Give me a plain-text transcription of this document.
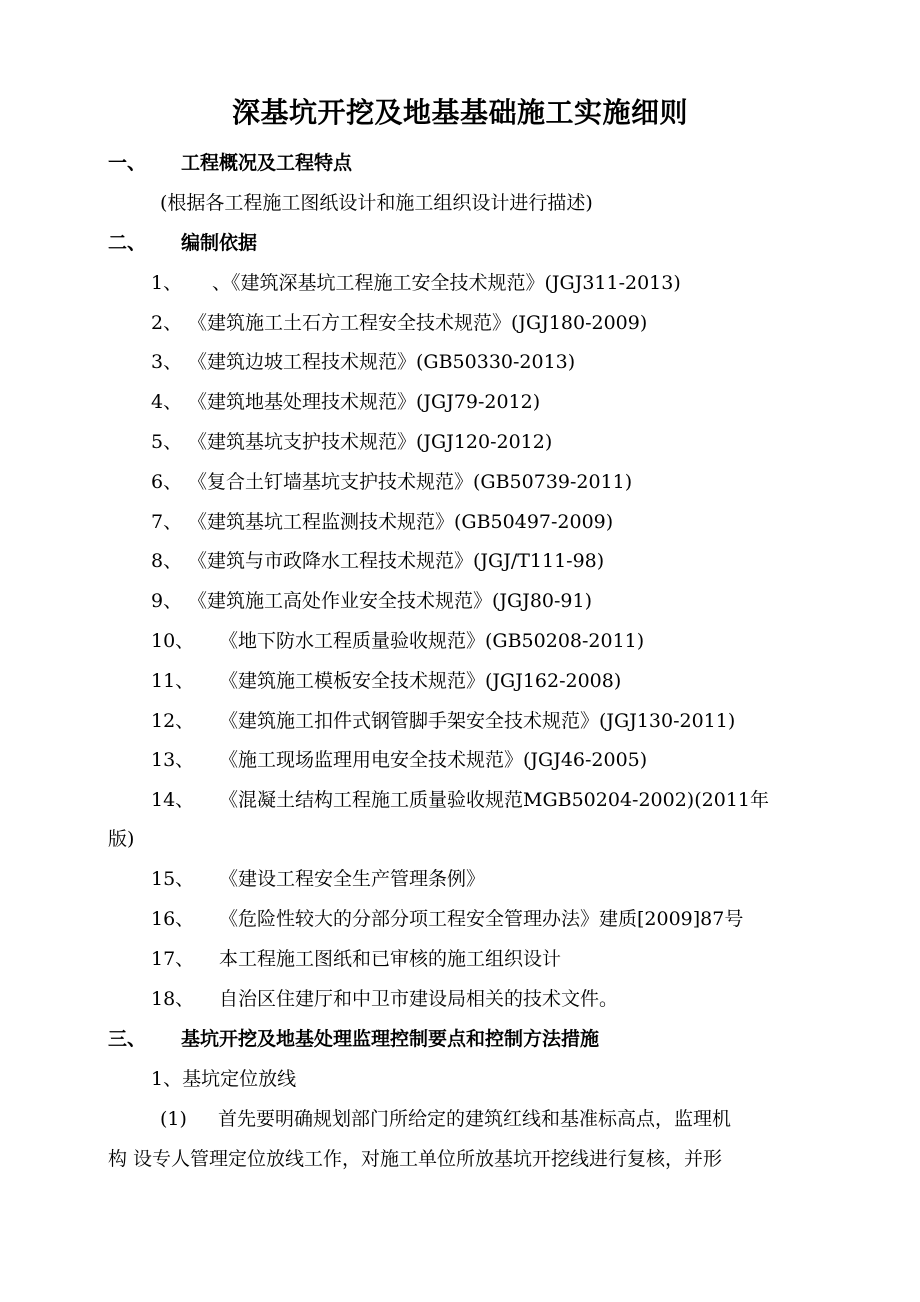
深基坑开挖及地基基础施工实施细则
一、 工程概况及工程特点
(根据各工程施工图纸设计和施工组织设计进行描述)
二、 编制依据
1、 、《建筑深基坑工程施工安全技术规范》(JGJ311-2013)
2、 《建筑施工土石方工程安全技术规范》(JGJ180-2009)
3、 《建筑边坡工程技术规范》(GB50330-2013)
4、 《建筑地基处理技术规范》(JGJ79-2012)
5、 《建筑基坑支护技术规范》(JGJ120-2012)
6、 《复合土钉墙基坑支护技术规范》(GB50739-2011)
7、 《建筑基坑工程监测技术规范》(GB50497-2009)
8、 《建筑与市政降水工程技术规范》(JGJ/T111-98)
9、 《建筑施工高处作业安全技术规范》(JGJ80-91)
10、 《地下防水工程质量验收规范》(GB50208-2011)
11、 《建筑施工模板安全技术规范》(JGJ162-2008)
12、 《建筑施工扣件式钢管脚手架安全技术规范》(JGJ130-2011)
13、 《施工现场监理用电安全技术规范》(JGJ46-2005)
14、 《混凝土结构工程施工质量验收规范MGB50204-2002)(2011年
版)
15、 《建设工程安全生产管理条例》
16、 《危险性较大的分部分项工程安全管理办法》建质[2009]87号
17、 本工程施工图纸和已审核的施工组织设计
18、 自治区住建厅和中卫市建设局相关的技术文件。
三、 基坑开挖及地基处理监理控制要点和控制方法措施
1、基坑定位放线
(1) 首先要明确规划部门所给定的建筑红线和基准标高点，监理机
构 设专人管理定位放线工作，对施工单位所放基坑开挖线进行复核，并形
